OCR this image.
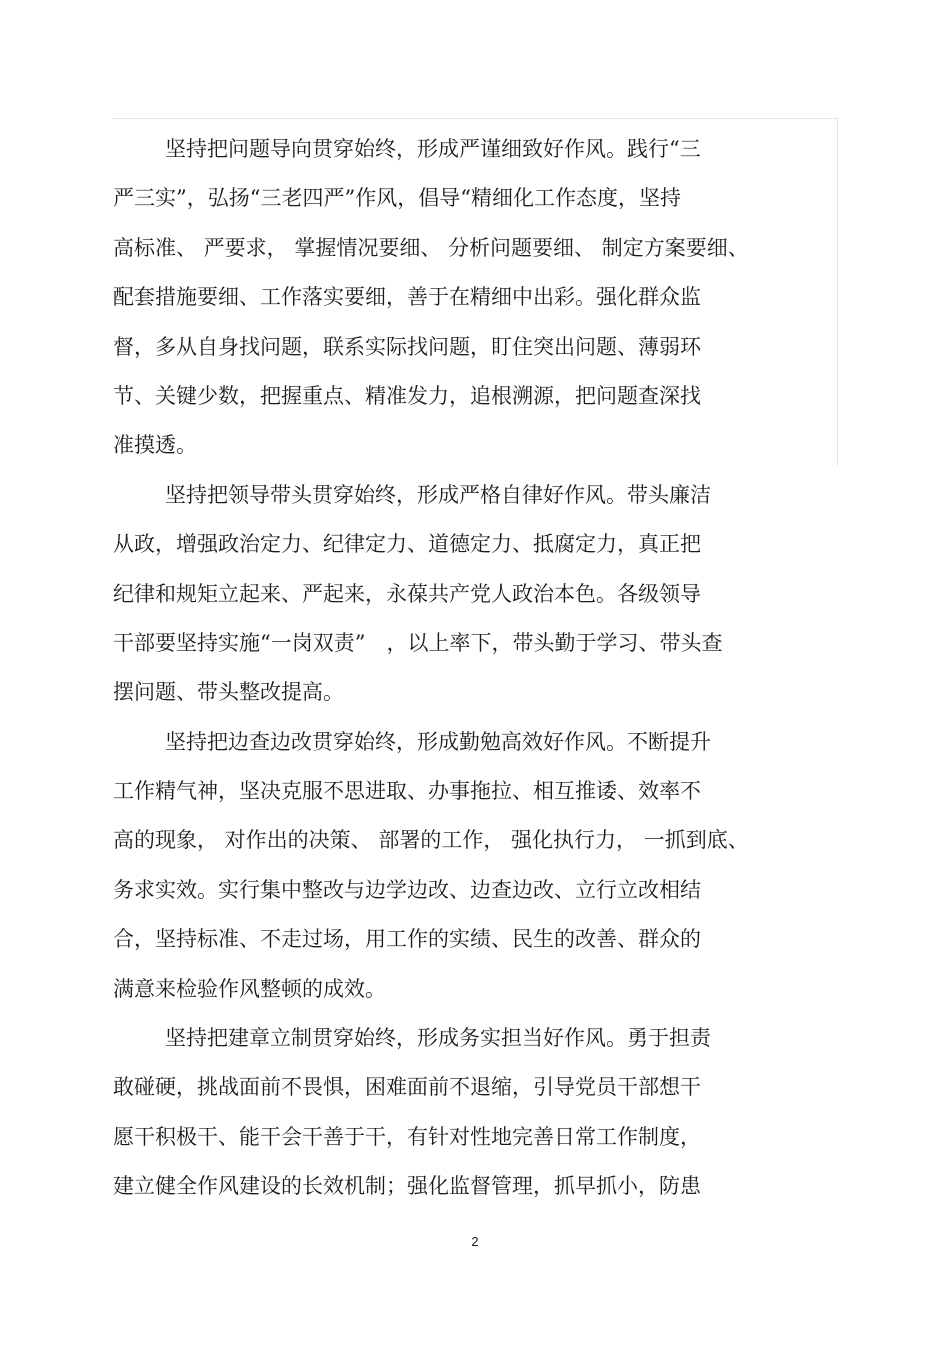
坚持把问题导向贯穿始终，形成严谨细致好作风。践行“三
严三实”，弘扬“三老四严”作风，倡导“精细化工作态度，坚持
高标准、 严要求， 掌握情况要细、 分析问题要细、 制定方案要细、
配套措施要细、工作落实要细，善于在精细中出彩。强化群众监
督，多从自身找问题，联系实际找问题，盯住突出问题、薄弱环
节、关键少数，把握重点、精准发力，追根溯源，把问题查深找
准摸透。
坚持把领导带头贯穿始终，形成严格自律好作风。带头廉洁
从政，增强政治定力、纪律定力、道德定力、抵腐定力，真正把
纪律和规矩立起来、严起来，永葆共产党人政治本色。各级领导
干部要坚持实施“一岗双责”　，以上率下，带头勤于学习、带头查
摆问题、带头整改提高。
坚持把边查边改贯穿始终，形成勤勉高效好作风。不断提升
工作精气神，坚决克服不思进取、办事拖拉、相互推诿、效率不
高的现象， 对作出的决策、 部署的工作， 强化执行力， 一抓到底、
务求实效。实行集中整改与边学边改、边查边改、立行立改相结
合，坚持标准、不走过场，用工作的实绩、民生的改善、群众的
满意来检验作风整顿的成效。
坚持把建章立制贯穿始终，形成务实担当好作风。勇于担责
敢碰硬，挑战面前不畏惧，困难面前不退缩，引导党员干部想干
愿干积极干、能干会干善于干，有针对性地完善日常工作制度，
建立健全作风建设的长效机制；强化监督管理，抓早抓小，防患
2
